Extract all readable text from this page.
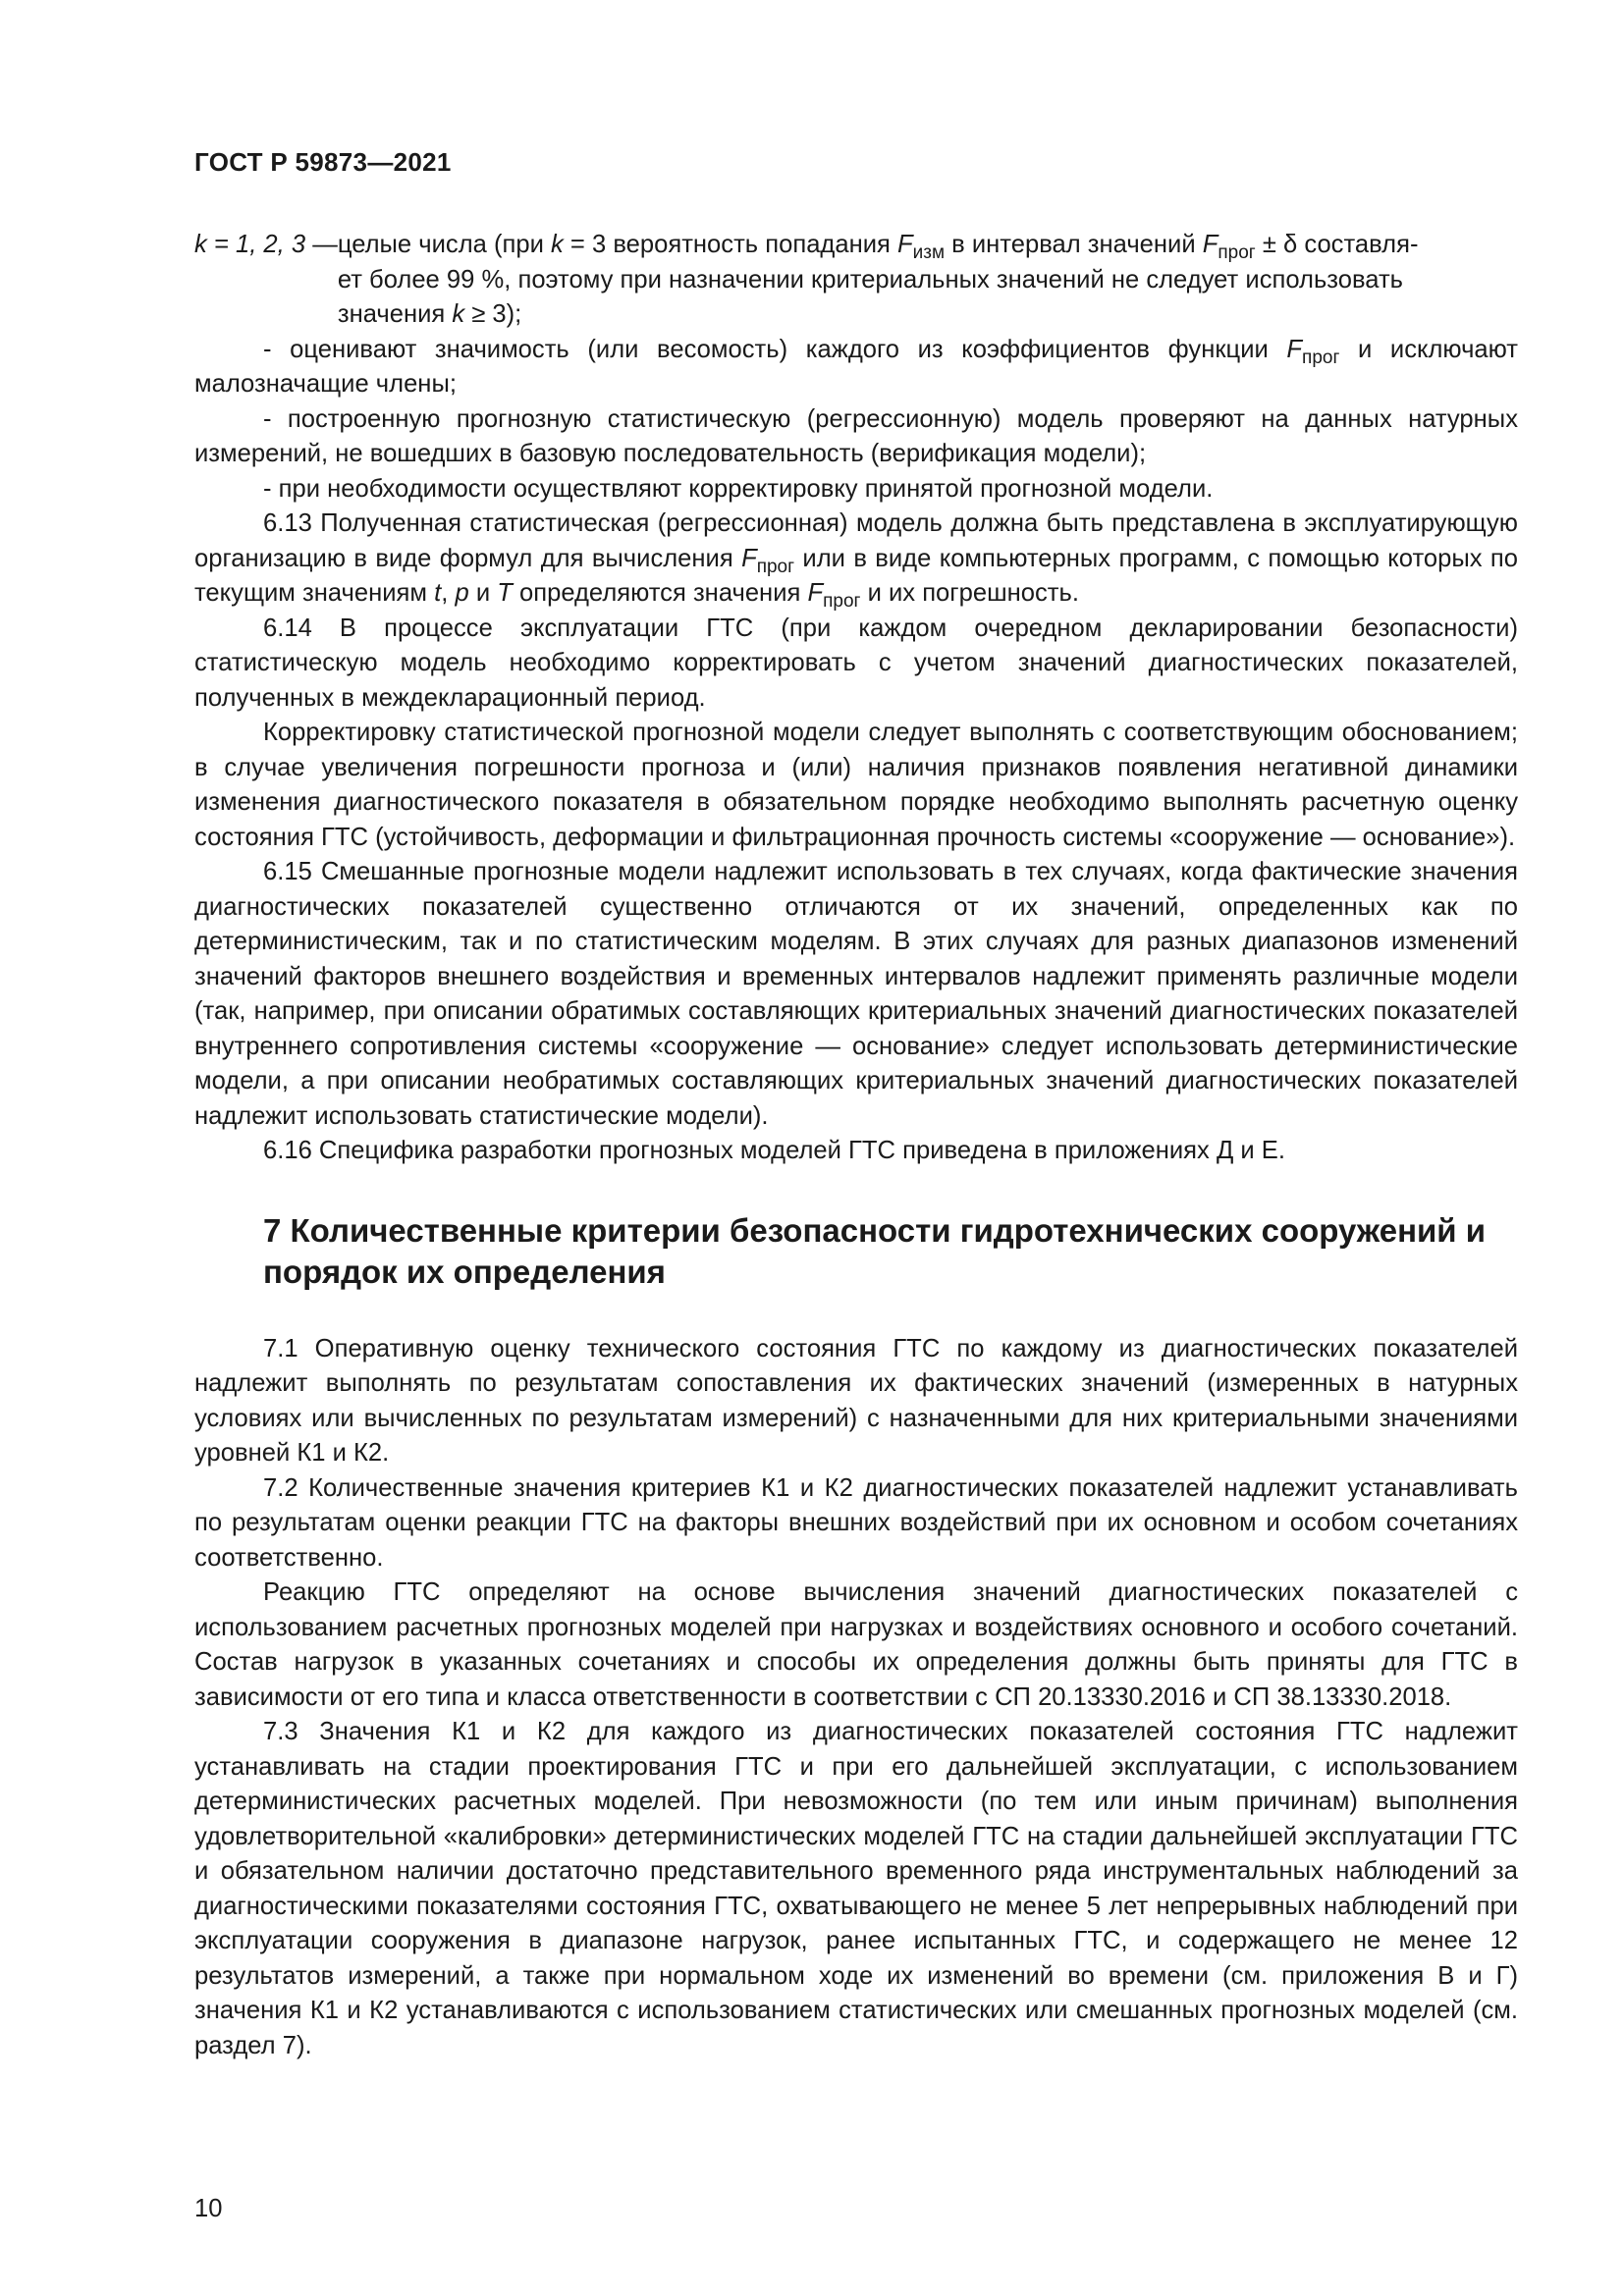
ГОСТ Р 59873—2021
k = 1, 2, 3 — целые числа (при k = 3 вероятность попадания $F_{изм}$ в интервал значений $F_{прог} \pm \delta$ составля-
ет более 99 %, поэтому при назначении критериальных значений не следует использовать
значения k ≥ 3);

- оценивают значимость (или весомость) каждого из коэффициентов функции $F_{прог}$ и исключают малозначащие члены;

- построенную прогнозную статистическую (регрессионную) модель проверяют на данных натурных измерений, не вошедших в базовую последовательность (верификация модели);

- при необходимости осуществляют корректировку принятой прогнозной модели.

6.13 Полученная статистическая (регрессионная) модель должна быть представлена в эксплуатирующую организацию в виде формул для вычисления $F_{прог}$ или в виде компьютерных программ, с помощью которых по текущим значениям t, p и T определяются значения $F_{прог}$ и их погрешность.

6.14 В процессе эксплуатации ГТС (при каждом очередном декларировании безопасности) статистическую модель необходимо корректировать с учетом значений диагностических показателей, полученных в междекларационный период.

Корректировку статистической прогнозной модели следует выполнять с соответствующим обоснованием; в случае увеличения погрешности прогноза и (или) наличия признаков появления негативной динамики изменения диагностического показателя в обязательном порядке необходимо выполнять расчетную оценку состояния ГТС (устойчивость, деформации и фильтрационная прочность системы «сооружение — основание»).

6.15 Смешанные прогнозные модели надлежит использовать в тех случаях, когда фактические значения диагностических показателей существенно отличаются от их значений, определенных как по детерминистическим, так и по статистическим моделям. В этих случаях для разных диапазонов изменений значений факторов внешнего воздействия и временных интервалов надлежит применять различные модели (так, например, при описании обратимых составляющих критериальных значений диагностических показателей внутреннего сопротивления системы «сооружение — основание» следует использовать детерминистические модели, а при описании необратимых составляющих критериальных значений диагностических показателей надлежит использовать статистические модели).

6.16 Специфика разработки прогнозных моделей ГТС приведена в приложениях Д и Е.

7 Количественные критерии безопасности гидротехнических сооружений и порядок их определения

7.1 Оперативную оценку технического состояния ГТС по каждому из диагностических показателей надлежит выполнять по результатам сопоставления их фактических значений (измеренных в натурных условиях или вычисленных по результатам измерений) с назначенными для них критериальными значениями уровней К1 и К2.

7.2 Количественные значения критериев К1 и К2 диагностических показателей надлежит устанавливать по результатам оценки реакции ГТС на факторы внешних воздействий при их основном и особом сочетаниях соответственно.

Реакцию ГТС определяют на основе вычисления значений диагностических показателей с использованием расчетных прогнозных моделей при нагрузках и воздействиях основного и особого сочетаний. Состав нагрузок в указанных сочетаниях и способы их определения должны быть приняты для ГТС в зависимости от его типа и класса ответственности в соответствии с СП 20.13330.2016 и СП 38.13330.2018.

7.3 Значения К1 и К2 для каждого из диагностических показателей состояния ГТС надлежит устанавливать на стадии проектирования ГТС и при его дальнейшей эксплуатации, с использованием детерминистических расчетных моделей. При невозможности (по тем или иным причинам) выполнения удовлетворительной «калибровки» детерминистических моделей ГТС на стадии дальнейшей эксплуатации ГТС и обязательном наличии достаточно представительного временного ряда инструментальных наблюдений за диагностическими показателями состояния ГТС, охватывающего не менее 5 лет непрерывных наблюдений при эксплуатации сооружения в диапазоне нагрузок, ранее испытанных ГТС, и содержащего не менее 12 результатов измерений, а также при нормальном ходе их изменений во времени (см. приложения В и Г) значения К1 и К2 устанавливаются с использованием статистических или смешанных прогнозных моделей (см. раздел 7).

10
